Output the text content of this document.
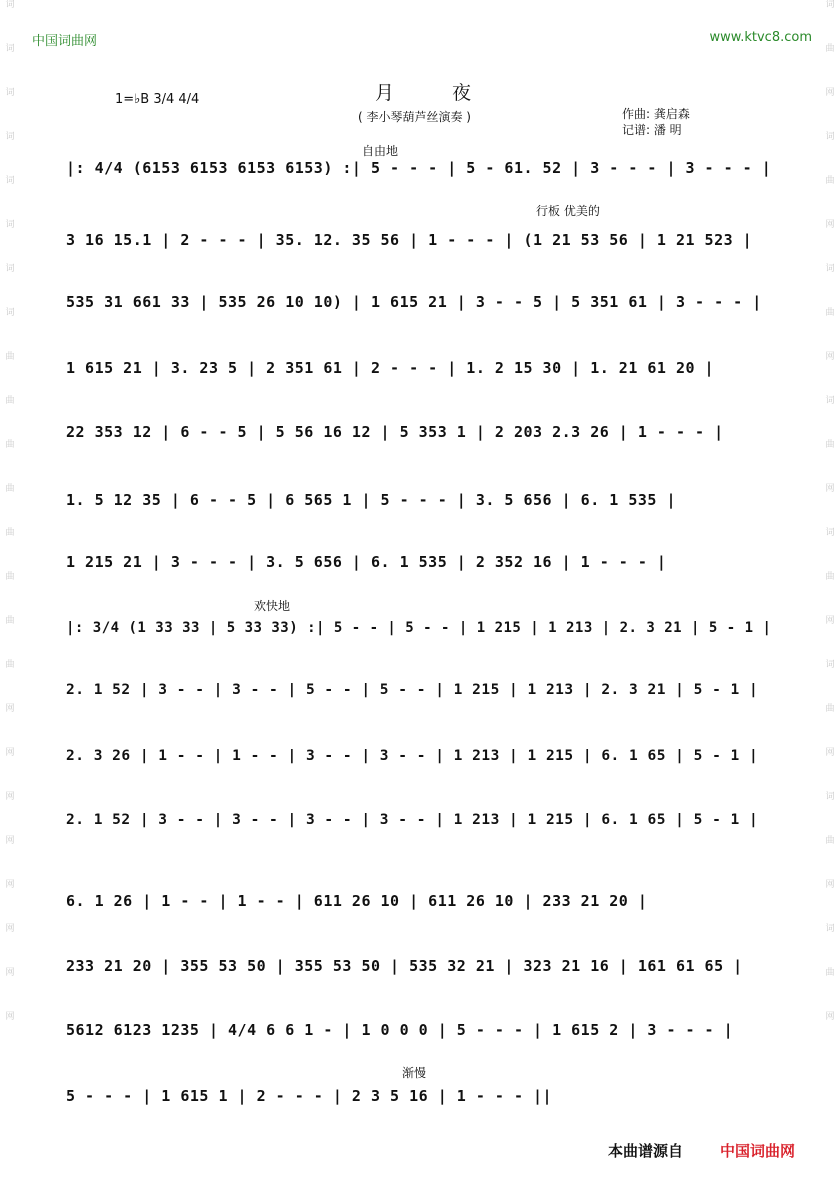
词
词
词
词
词
词
词
词
曲
曲
曲
曲
曲
曲
曲
曲
网
网
网
网
网
网
网
网
词
曲
网
词
曲
网
词
曲
网
词
曲
网
词
曲
网
词
曲
网
词
曲
网
词
曲
网
中国词曲网	www.ktvc8.com
1=♭B 3/4 4/4	月 夜
( 李小琴葫芦丝演奏 )	作曲: 龚启森
记谱: 潘 明
自由地
行板 优美的
欢快地
渐慢
|: 4/4 (6153 6153 6153 6153) :| 5 - - - | 5 - 61. 52 | 3 - - - | 3 - - - |
3 16 15.1 | 2 - - - | 35. 12. 35 56 | 1 - - - | (1 21 53 56 | 1 21 523 |
535 31 661 33 | 535 26 10 10) | 1 615 21 | 3 - - 5 | 5 351 61 | 3 - - - |
1 615 21 | 3. 23 5 | 2 351 61 | 2 - - - | 1. 2 15 30 | 1. 21 61 20 |
22 353 12 | 6 - - 5 | 5 56 16 12 | 5 353 1 | 2 203 2.3 26 | 1 - - - |
1. 5 12 35 | 6 - - 5 | 6 565 1 | 5 - - - | 3. 5 656 | 6. 1 535 |
1 215 21 | 3 - - - | 3. 5 656 | 6. 1 535 | 2 352 16 | 1 - - - |
|: 3/4 (1 33 33 | 5 33 33) :| 5 - - | 5 - - | 1 215 | 1 213 | 2. 3 21 | 5 - 1 |
2. 1 52 | 3 - - | 3 - - | 5 - - | 5 - - | 1 215 | 1 213 | 2. 3 21 | 5 - 1 |
2. 3 26 | 1 - - | 1 - - | 3 - - | 3 - - | 1 213 | 1 215 | 6. 1 65 | 5 - 1 |
2. 1 52 | 3 - - | 3 - - | 3 - - | 3 - - | 1 213 | 1 215 | 6. 1 65 | 5 - 1 |
6. 1 26 | 1 - - | 1 - - | 611 26 10 | 611 26 10 | 233 21 20 |
233 21 20 | 355 53 50 | 355 53 50 | 535 32 21 | 323 21 16 | 161 61 65 |
5612 6123 1235 | 4/4 6 6 1 - | 1 0 0 0 | 5 - - - | 1 615 2 | 3 - - - |
5 - - - | 1 615 1 | 2 - - - | 2 3 5 16 | 1 - - - ||
本曲谱源自 中国词曲网
